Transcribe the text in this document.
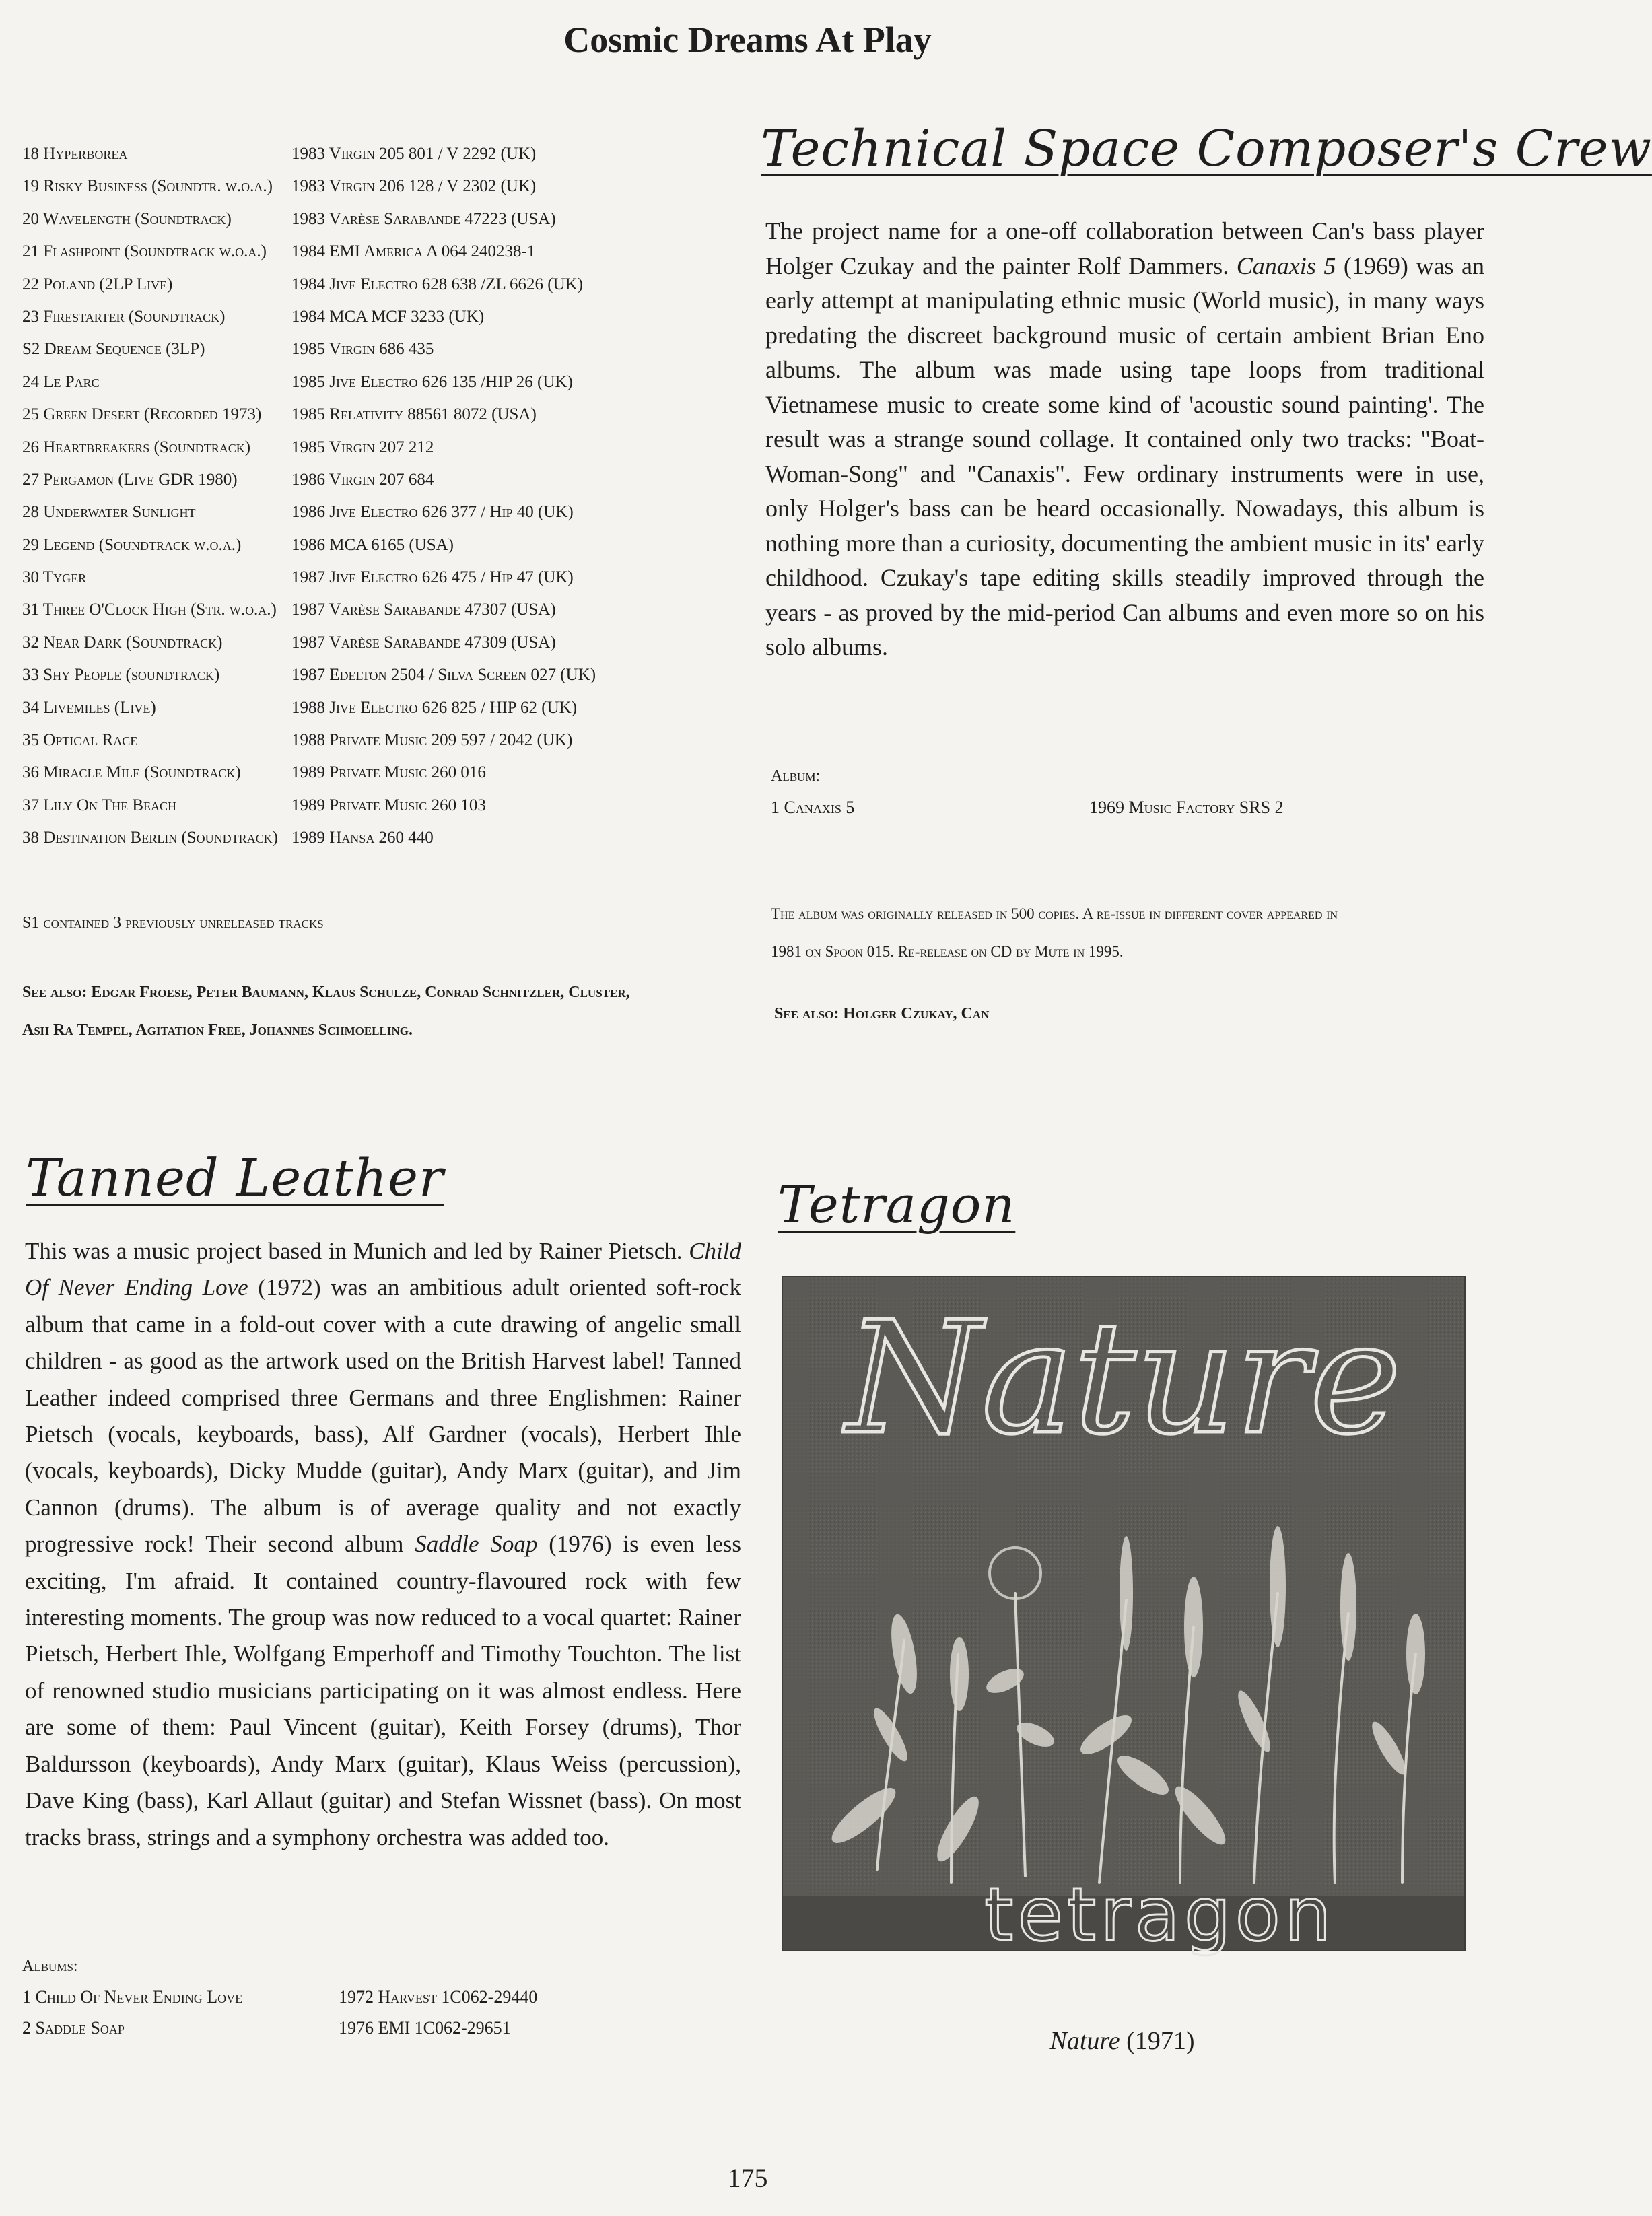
Cosmic Dreams At Play
18 Hyperborea	1983 Virgin 205 801 / V 2292 (UK)
19 Risky Business (Soundtr. w.o.a.) 1983 Virgin 206 128 / V 2302 (UK)
20 Wavelength (Soundtrack)	1983 Varèse Sarabande 47223 (USA)
21 Flashpoint (Soundtrack w.o.a.) 1984 EMI America A 064 240238-1
22 Poland (2LP Live)	1984 Jive Electro 628 638 /ZL 6626 (UK)
23 Firestarter (Soundtrack)	1984 MCA MCF 3233 (UK)
S2 Dream Sequence (3LP)	1985 Virgin 686 435
24 Le Parc	1985 Jive Electro 626 135 /HIP 26 (UK)
25 Green Desert (Recorded 1973) 1985 Relativity 88561 8072 (USA)
26 Heartbreakers (Soundtrack) 1985 Virgin 207 212
27 Pergamon (Live GDR 1980)	1986 Virgin 207 684
28 Underwater Sunlight	1986 Jive Electro 626 377 / Hip 40 (UK)
29 Legend (Soundtrack w.o.a.)	1986 MCA 6165 (USA)
30 Tyger	1987 Jive Electro 626 475 / Hip 47 (UK)
31 Three O'Clock High (Str. w.o.a.) 1987 Varèse Sarabande 47307 (USA)
32 Near Dark (Soundtrack)	1987 Varèse Sarabande 47309 (USA)
33 Shy People (soundtrack)	1987 Edelton 2504 / Silva Screen 027 (UK)
34 Livemiles (Live)	1988 Jive Electro 626 825 / HIP 62 (UK)
35 Optical Race	1988 Private Music 209 597 / 2042 (UK)
36 Miracle Mile (Soundtrack)	1989 Private Music 260 016
37 Lily On The Beach	1989 Private Music 260 103
38 Destination Berlin (Soundtrack) 1989 Hansa 260 440
S1 contained 3 previously unreleased tracks
See also: Edgar Froese, Peter Baumann, Klaus Schulze, Conrad Schnitzler, Cluster,
Ash Ra Tempel, Agitation Free, Johannes Schmoelling.
Technical Space Composer's Crew
The project name for a one-off collaboration between Can's bass player Holger Czukay and the painter Rolf Dammers. Canaxis 5 (1969) was an early attempt at manipulating ethnic music (World music), in many ways predating the discreet background music of certain ambient Brian Eno albums. The album was made using tape loops from traditional Vietnamese music to create some kind of 'acoustic sound painting'. The result was a strange sound collage. It contained only two tracks: "Boat-Woman-Song" and "Canaxis". Few ordinary instruments were in use, only Holger's bass can be heard occasionally. Nowadays, this album is nothing more than a curiosity, documenting the ambient music in its' early childhood. Czukay's tape editing skills steadily improved through the years - as proved by the mid-period Can albums and even more so on his solo albums.
Album:
1 Canaxis 5	1969 Music Factory SRS 2
The album was originally released in 500 copies. A re-issue in different cover appeared in
1981 on Spoon 015. Re-release on CD by Mute in 1995.
See also: Holger Czukay, Can
Tanned Leather
This was a music project based in Munich and led by Rainer Pietsch. Child Of Never Ending Love (1972) was an ambitious adult oriented soft-rock album that came in a fold-out cover with a cute drawing of angelic small children - as good as the artwork used on the British Harvest label! Tanned Leather indeed comprised three Germans and three Englishmen: Rainer Pietsch (vocals, keyboards, bass), Alf Gardner (vocals), Herbert Ihle (vocals, keyboards), Dicky Mudde (guitar), Andy Marx (guitar), and Jim Cannon (drums). The album is of average quality and not exactly progressive rock! Their second album Saddle Soap (1976) is even less exciting, I'm afraid. It contained country-flavoured rock with few interesting moments. The group was now reduced to a vocal quartet: Rainer Pietsch, Herbert Ihle, Wolfgang Emperhoff and Timothy Touchton. The list of renowned studio musicians participating on it was almost endless. Here are some of them: Paul Vincent (guitar), Keith Forsey (drums), Thor Baldursson (keyboards), Andy Marx (guitar), Klaus Weiss (percussion), Dave King (bass), Karl Allaut (guitar) and Stefan Wissnet (bass). On most tracks brass, strings and a symphony orchestra was added too.
Albums:
1 Child Of Never Ending Love	1972 Harvest 1C062-29440
2 Saddle Soap	1976 EMI 1C062-29651
Tetragon
Nature
tetragon
Nature (1971)
175
